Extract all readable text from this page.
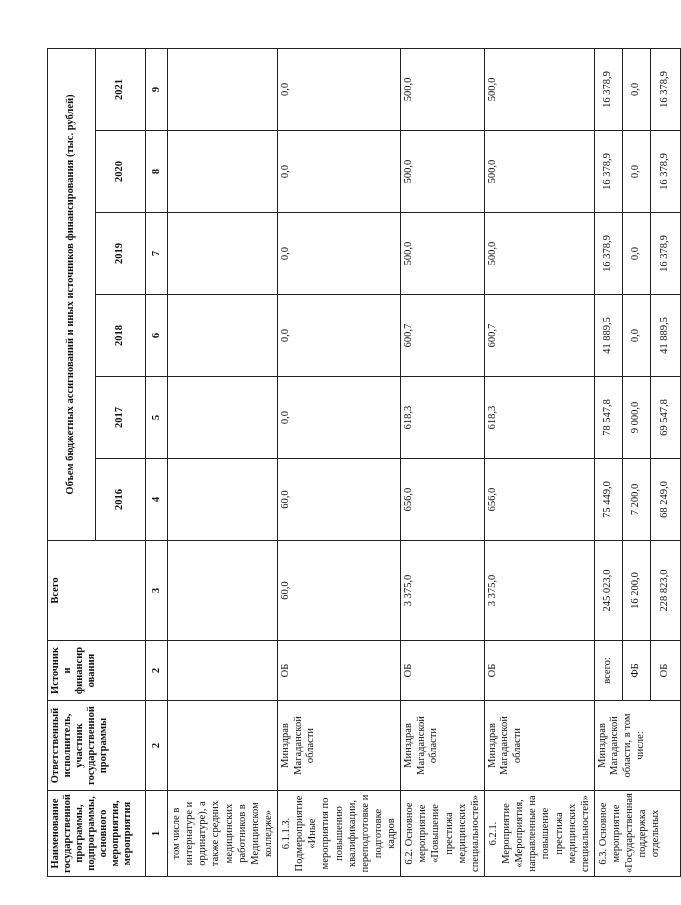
Наименование государственной программы, подпрограммы, основного мероприятия, мероприятия	Ответственный исполнитель, участник государственной программы	Источник и финансир ования	Всего	Объем бюджетных ассигнований и иных источников финансирования (тыс. рублей)					
				2016	2017	2018	2019	2020	2021
1	2	2	3	4	5	6	7	8	9
том числе в интернатуре и ординатуре), а также средних медицинских работников в Медицинском колледже»									
6.1.1.3. Подмероприятие «Иные мероприятия по повышению квалификации, переподготовке и подготовке кадров	Минздрав Магаданской области	ОБ	60,0	60,0	0,0	0,0	0,0	0,0	0,0
6.2. Основное мероприятие «Повышение престижа медицинских специальностей»	Минздрав Магаданской области	ОБ	3 375,0	656,0	618,3	600,7	500,0	500,0	500,0
6.2.1. Мероприятие «Мероприятия, направленные на повышение престижа медицинских специальностей»	Минздрав Магаданской области	ОБ	3 375,0	656,0	618,3	600,7	500,0	500,0	500,0
6.3. Основное мероприятие «Государственная поддержка отдельных	Минздрав Магаданской области, в том числе:	всего:	245 023,0	75 449,0	78 547,8	41 889,5	16 378,9	16 378,9	16 378,9
		ФБ	16 200,0	7 200,0	9 000,0	0,0	0,0	0,0	0,0
		ОБ	228 823,0	68 249,0	69 547,8	41 889,5	16 378,9	16 378,9	16 378,9
